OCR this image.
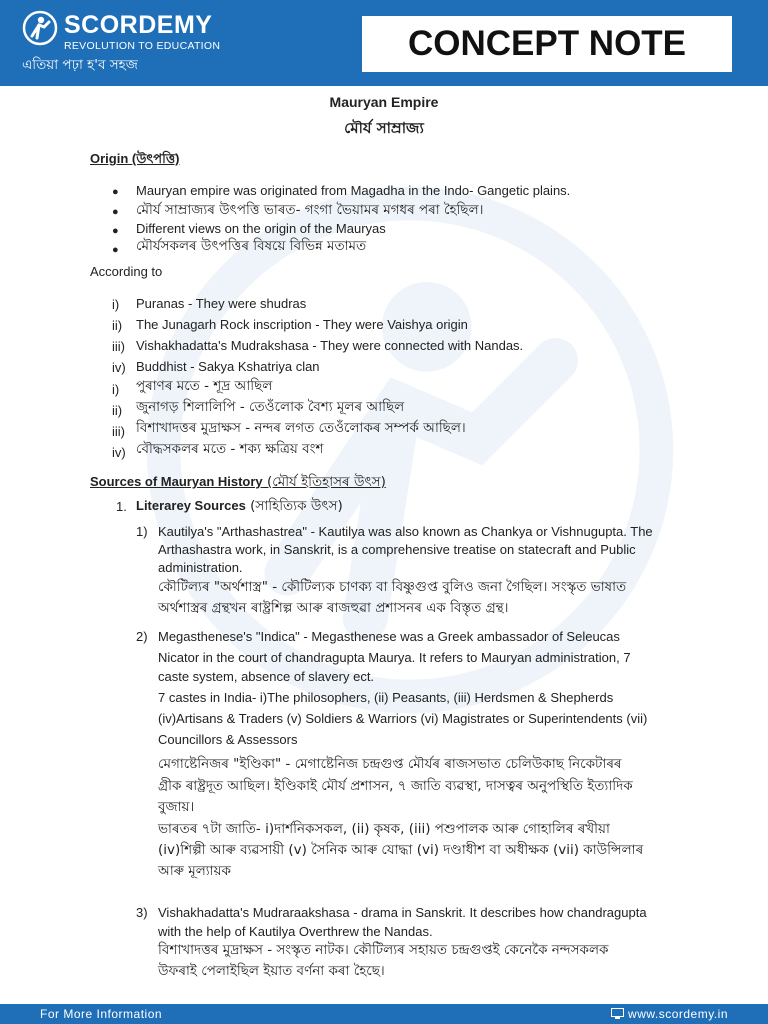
SCORDEMY
REVOLUTION TO EDUCATION
এতিয়া পঢ়া হ'ব সহজ
CONCEPT NOTE
Mauryan Empire
মৌৰ্য সাম্ৰাজ্য
Origin (উৎপত্তি)
● Mauryan empire was originated from Magadha in the Indo- Gangetic plains.
● মৌৰ্য সাম্ৰাজ্যৰ উৎপত্তি ভাৰত- গংগা ভৈয়ামৰ মগধৰ পৰা হৈছিল।
● Different views on the origin of the Mauryas
● মৌৰ্যসকলৰ উৎপত্তিৰ বিষয়ে বিভিন্ন মতামত
According to
i) Puranas - They were shudras
ii) The Junagarh Rock inscription - They were Vaishya origin
iii) Vishakhadatta's Mudrakshasa - They were connected with Nandas.
iv) Buddhist - Sakya Kshatriya clan
i) পুৰাণৰ মতে - শূদ্ৰ আছিল
ii) জুনাগড় শিলালিপি - তেওঁলোক বৈশ্য মূলৰ আছিল
iii) বিশাখাদত্তৰ মুদ্ৰাক্ষস - নন্দৰ লগত তেওঁলোকৰ সম্পৰ্ক আছিল।
iv) বৌদ্ধসকলৰ মতে - শক্য ক্ষত্ৰিয় বংশ
Sources of Mauryan History (মৌৰ্য ইতিহাসৰ উৎস)
1. Literarey Sources (সাহিত্যিক উৎস)
1) Kautilya's "Arthashastrea" - Kautilya was also known as Chankya or Vishnugupta. The
Arthashastra work, in Sanskrit, is a comprehensive treatise on statecraft and Public
administration.
কৌটিল্যৰ "অৰ্থশাস্ত্ৰ" - কৌটিল্যক চাণক্য বা বিষ্ণুগুপ্ত বুলিও জনা গৈছিল। সংস্কৃত ভাষাত
অৰ্থশাস্ত্ৰৰ গ্ৰন্থখন ৰাষ্ট্ৰশিল্প আৰু ৰাজহুৱা প্ৰশাসনৰ এক বিস্তৃত গ্ৰন্থ।
2) Megasthenese's "Indica" - Megasthenese was a Greek ambassador of Seleucas
Nicator in the court of chandragupta Maurya. It refers to Mauryan administration, 7
caste system, absence of slavery ect.
7 castes in India- i)The philosophers, (ii) Peasants, (iii) Herdsmen & Shepherds
(iv)Artisans & Traders (v) Soldiers & Warriors (vi) Magistrates or Superintendents (vii)
Councillors & Assessors
মেগাষ্টেনিজৰ "ইণ্ডিকা" - মেগাষ্টেনিজ চন্দ্ৰগুপ্ত মৌৰ্যৰ ৰাজসভাত চেলিউকাছ নিকেটাৰৰ
গ্ৰীক ৰাষ্ট্ৰদূত আছিল। ইণ্ডিকাই মৌৰ্য প্ৰশাসন, ৭ জাতি ব্যৱস্থা, দাসত্বৰ অনুপস্থিতি ইত্যাদিক
বুজায়।
ভাৰতৰ ৭টা জাতি- i)দাৰ্শনিকসকল, (ii) কৃষক, (iii) পশুপালক আৰু গোহালিৰ ৰখীয়া
(iv)শিল্পী আৰু ব্যৱসায়ী (v) সৈনিক আৰু যোদ্ধা (vi) দণ্ডাধীশ বা অধীক্ষক (vii) কাউন্সিলাৰ
আৰু মূল্যায়ক
3) Vishakhadatta's Mudraraakshasa - drama in Sanskrit. It describes how chandragupta
with the help of Kautilya Overthrew the Nandas.
বিশাখাদত্তৰ মুদ্ৰাক্ষস - সংস্কৃত নাটক। কৌটিল্যৰ সহায়ত চন্দ্ৰগুপ্তই কেনেকৈ নন্দসকলক
উফৰাই পেলাইছিল ইয়াত বৰ্ণনা কৰা হৈছে।
For More Information	www.scordemy.in
